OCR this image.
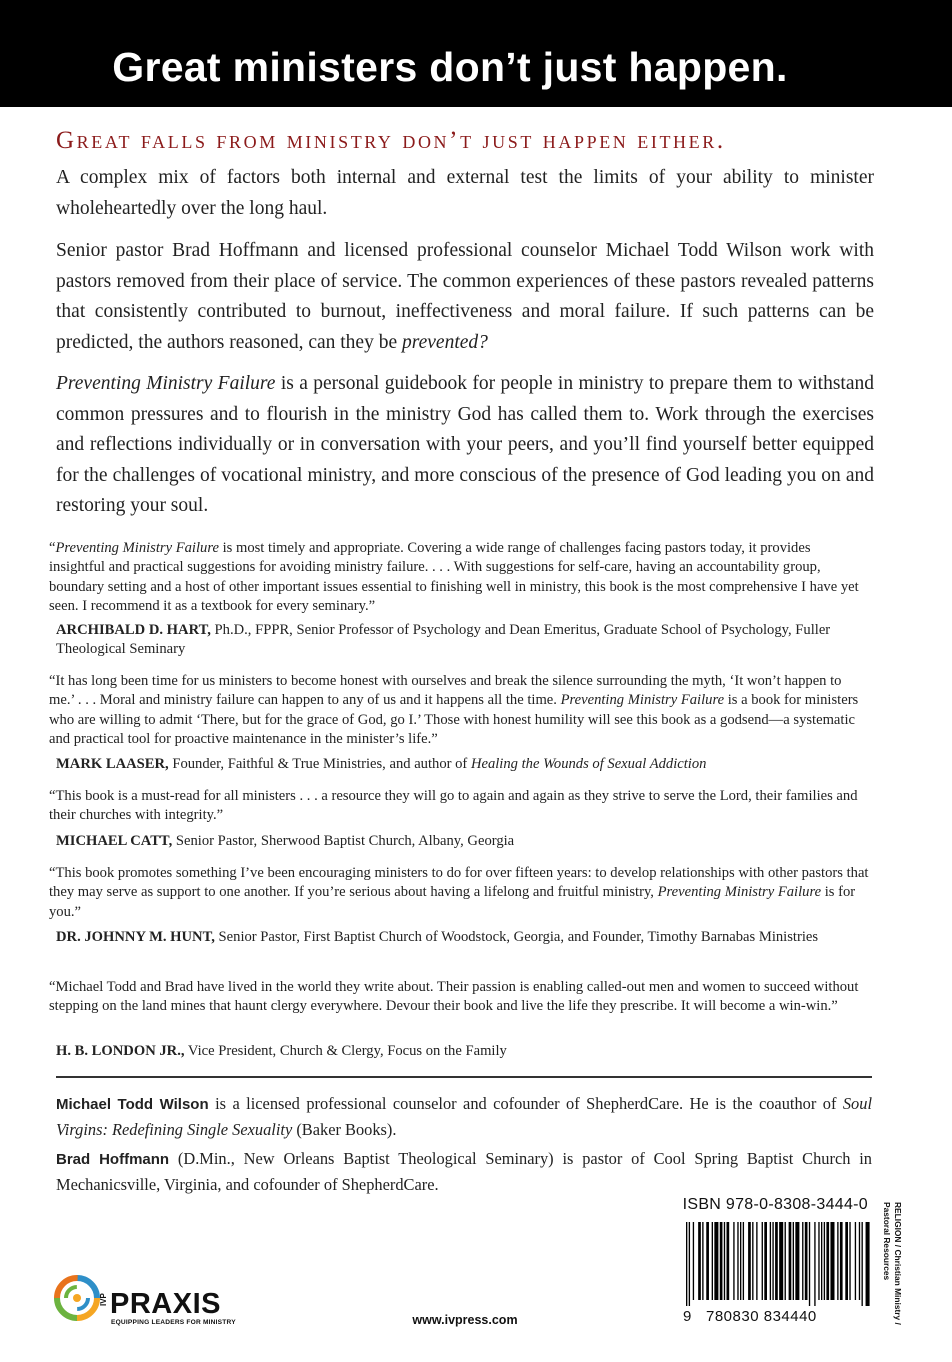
Great ministers don’t just happen.
Great falls from ministry don’t just happen either.
A complex mix of factors both internal and external test the limits of your ability to minister wholeheartedly over the long haul.
Senior pastor Brad Hoffmann and licensed professional counselor Michael Todd Wilson work with pastors removed from their place of service. The common experiences of these pastors revealed patterns that consistently contributed to burnout, ineffectiveness and moral failure. If such patterns can be predicted, the authors reasoned, can they be prevented?
Preventing Ministry Failure is a personal guidebook for people in ministry to prepare them to withstand common pressures and to flourish in the ministry God has called them to. Work through the exercises and reflections individually or in conversation with your peers, and you’ll find yourself better equipped for the challenges of vocational ministry, and more conscious of the presence of God leading you on and restoring your soul.
“Preventing Ministry Failure is most timely and appropriate. Covering a wide range of challenges facing pastors today, it provides insightful and practical suggestions for avoiding ministry failure. . . . With suggestions for self-care, having an accountability group, boundary setting and a host of other important issues essential to finishing well in ministry, this book is the most comprehensive I have yet seen. I recommend it as a textbook for every seminary.”
ARCHIBALD D. HART, Ph.D., FPPR, Senior Professor of Psychology and Dean Emeritus, Graduate School of Psychology, Fuller Theological Seminary
“It has long been time for us ministers to become honest with ourselves and break the silence surrounding the myth, ‘It won’t happen to me.’ . . . Moral and ministry failure can happen to any of us and it happens all the time. Preventing Ministry Failure is a book for ministers who are willing to admit ‘There, but for the grace of God, go I.’ Those with honest humility will see this book as a godsend—a systematic and practical tool for proactive maintenance in the minister’s life.”
MARK LAASER, Founder, Faithful & True Ministries, and author of Healing the Wounds of Sexual Addiction
“This book is a must-read for all ministers . . . a resource they will go to again and again as they strive to serve the Lord, their families and their churches with integrity.”
MICHAEL CATT, Senior Pastor, Sherwood Baptist Church, Albany, Georgia
“This book promotes something I’ve been encouraging ministers to do for over fifteen years: to develop relationships with other pastors that they may serve as support to one another. If you’re serious about having a lifelong and fruitful ministry, Preventing Ministry Failure is for you.”
DR. JOHNNY M. HUNT, Senior Pastor, First Baptist Church of Woodstock, Georgia, and Founder, Timothy Barnabas Ministries
“Michael Todd and Brad have lived in the world they write about. Their passion is enabling called-out men and women to succeed without stepping on the land mines that haunt clergy everywhere. Devour their book and live the life they prescribe. It will become a win-win.”
H. B. LONDON JR., Vice President, Church & Clergy, Focus on the Family
Michael Todd Wilson is a licensed professional counselor and cofounder of ShepherdCare. He is the coauthor of Soul Virgins: Redefining Single Sexuality (Baker Books).
Brad Hoffmann (D.Min., New Orleans Baptist Theological Seminary) is pastor of Cool Spring Baptist Church in Mechanicsville, Virginia, and cofounder of ShepherdCare.
ISBN 978-0-8308-3444-0
9 780830 834440	RELIGION / Christian Ministry /
Pastoral Resources
IVP PRAXIS
EQUIPPING LEADERS FOR MINISTRY	www.ivpress.com
